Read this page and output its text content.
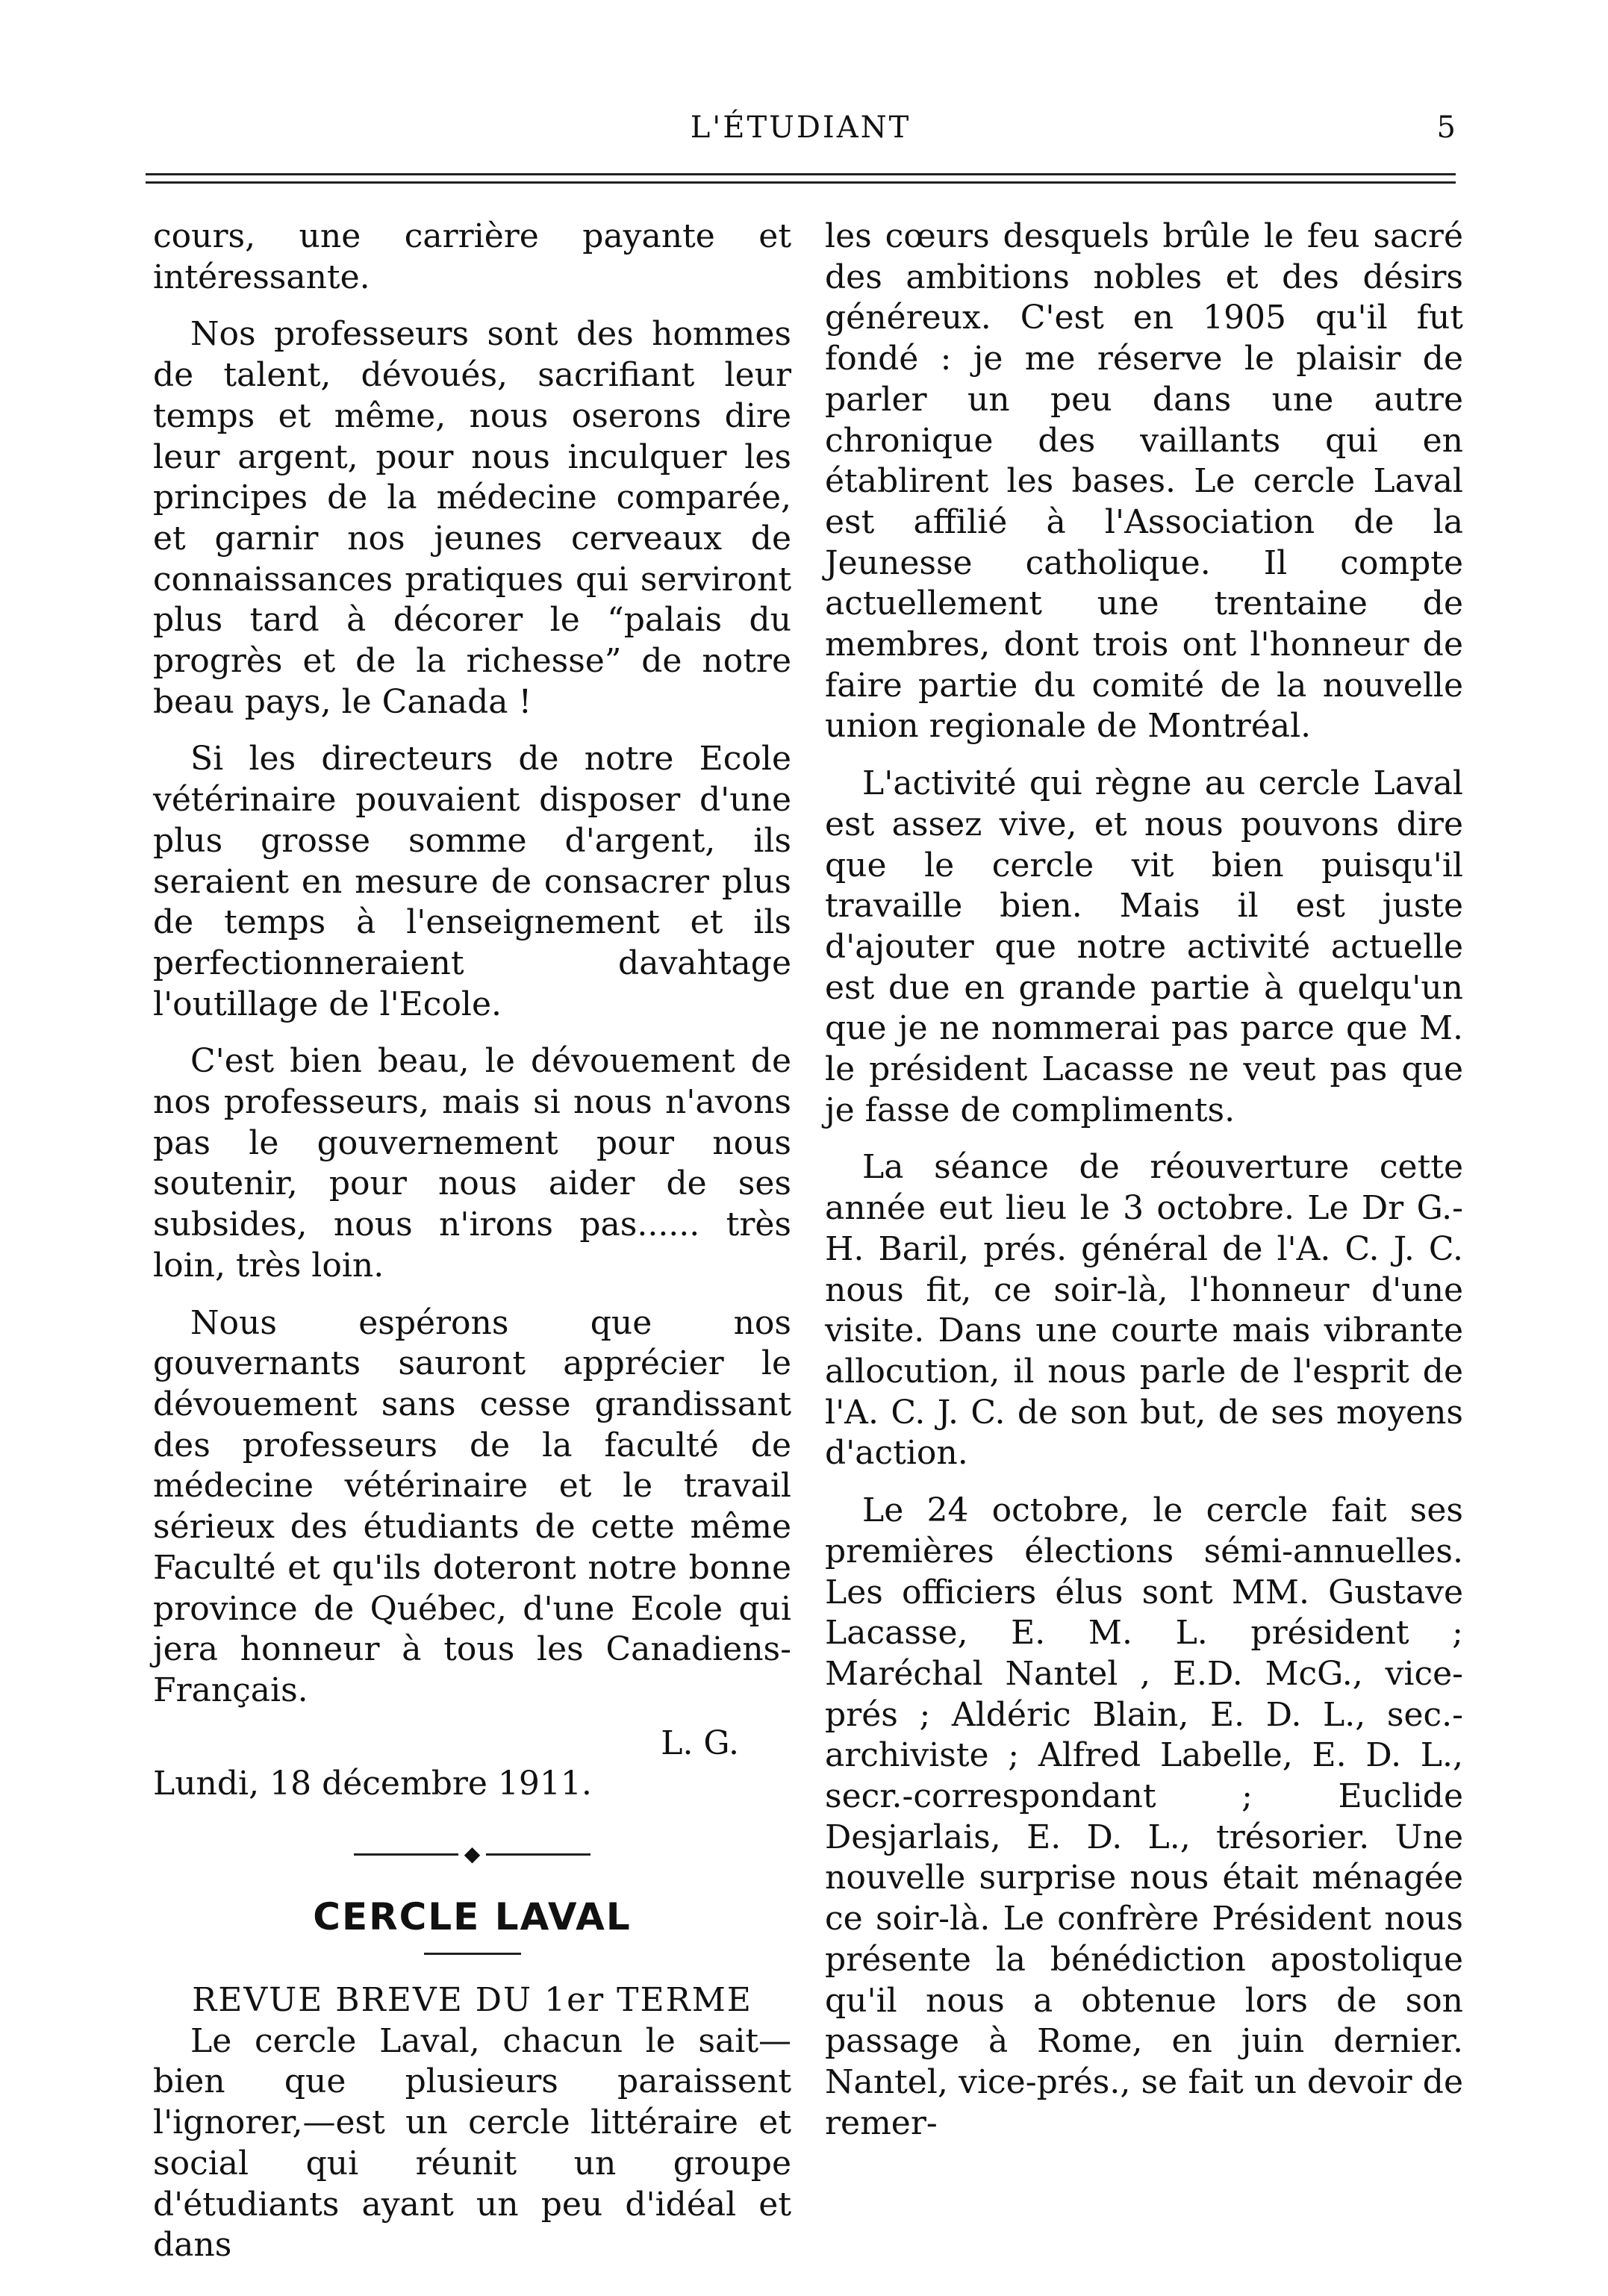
L'ÉTUDIANT	5

cours, une carrière payante et intéressante.

Nos professeurs sont des hommes de talent, dévoués, sacrifiant leur temps et même, nous oserons dire leur argent, pour nous inculquer les principes de la médecine comparée, et garnir nos jeunes cerveaux de connaissances pratiques qui serviront plus tard à décorer le “palais du progrès et de la richesse” de notre beau pays, le Canada !

Si les directeurs de notre Ecole vétérinaire pouvaient disposer d'une plus grosse somme d'argent, ils seraient en mesure de consacrer plus de temps à l'enseignement et ils perfectionneraient davahtage l'outillage de l'Ecole.

C'est bien beau, le dévouement de nos professeurs, mais si nous n'avons pas le gouvernement pour nous soutenir, pour nous aider de ses subsides, nous n'irons pas...... très loin, très loin.

Nous espérons que nos gouvernants sauront apprécier le dévouement sans cesse grandissant des professeurs de la faculté de médecine vétérinaire et le travail sérieux des étudiants de cette même Faculté et qu'ils doteront notre bonne province de Québec, d'une Ecole qui jera honneur à tous les Canadiens-Français.

L. G.
Lundi, 18 décembre 1911.
◆
CERCLE LAVAL
REVUE BREVE DU 1er TERME

Le cercle Laval, chacun le sait— bien que plusieurs paraissent l'ignorer,—est un cercle littéraire et social qui réunit un groupe d'étudiants ayant un peu d'idéal et dans

les cœurs desquels brûle le feu sacré des ambitions nobles et des désirs généreux. C'est en 1905 qu'il fut fondé : je me réserve le plaisir de parler un peu dans une autre chronique des vaillants qui en établirent les bases. Le cercle Laval est affilié à l'Association de la Jeunesse catholique. Il compte actuellement une trentaine de membres, dont trois ont l'honneur de faire partie du comité de la nouvelle union regionale de Montréal.

L'activité qui règne au cercle Laval est assez vive, et nous pouvons dire que le cercle vit bien puisqu'il travaille bien. Mais il est juste d'ajouter que notre activité actuelle est due en grande partie à quelqu'un que je ne nommerai pas parce que M. le président Lacasse ne veut pas que je fasse de compliments.

La séance de réouverture cette année eut lieu le 3 octobre. Le Dr G.-H. Baril, prés. général de l'A. C. J. C. nous fit, ce soir-là, l'honneur d'une visite. Dans une courte mais vibrante allocution, il nous parle de l'esprit de l'A. C. J. C. de son but, de ses moyens d'action.

Le 24 octobre, le cercle fait ses premières élections sémi-annuelles. Les officiers élus sont MM. Gustave Lacasse, E. M. L. président ; Maréchal Nantel , E.D. McG., vice-prés ; Aldéric Blain, E. D. L., sec.-archiviste ; Alfred Labelle, E. D. L., secr.-correspondant ; Euclide Desjarlais, E. D. L., trésorier. Une nouvelle surprise nous était ménagée ce soir-là. Le confrère Président nous présente la bénédiction apostolique qu'il nous a obtenue lors de son passage à Rome, en juin dernier. Nantel, vice-prés., se fait un devoir de remer-
